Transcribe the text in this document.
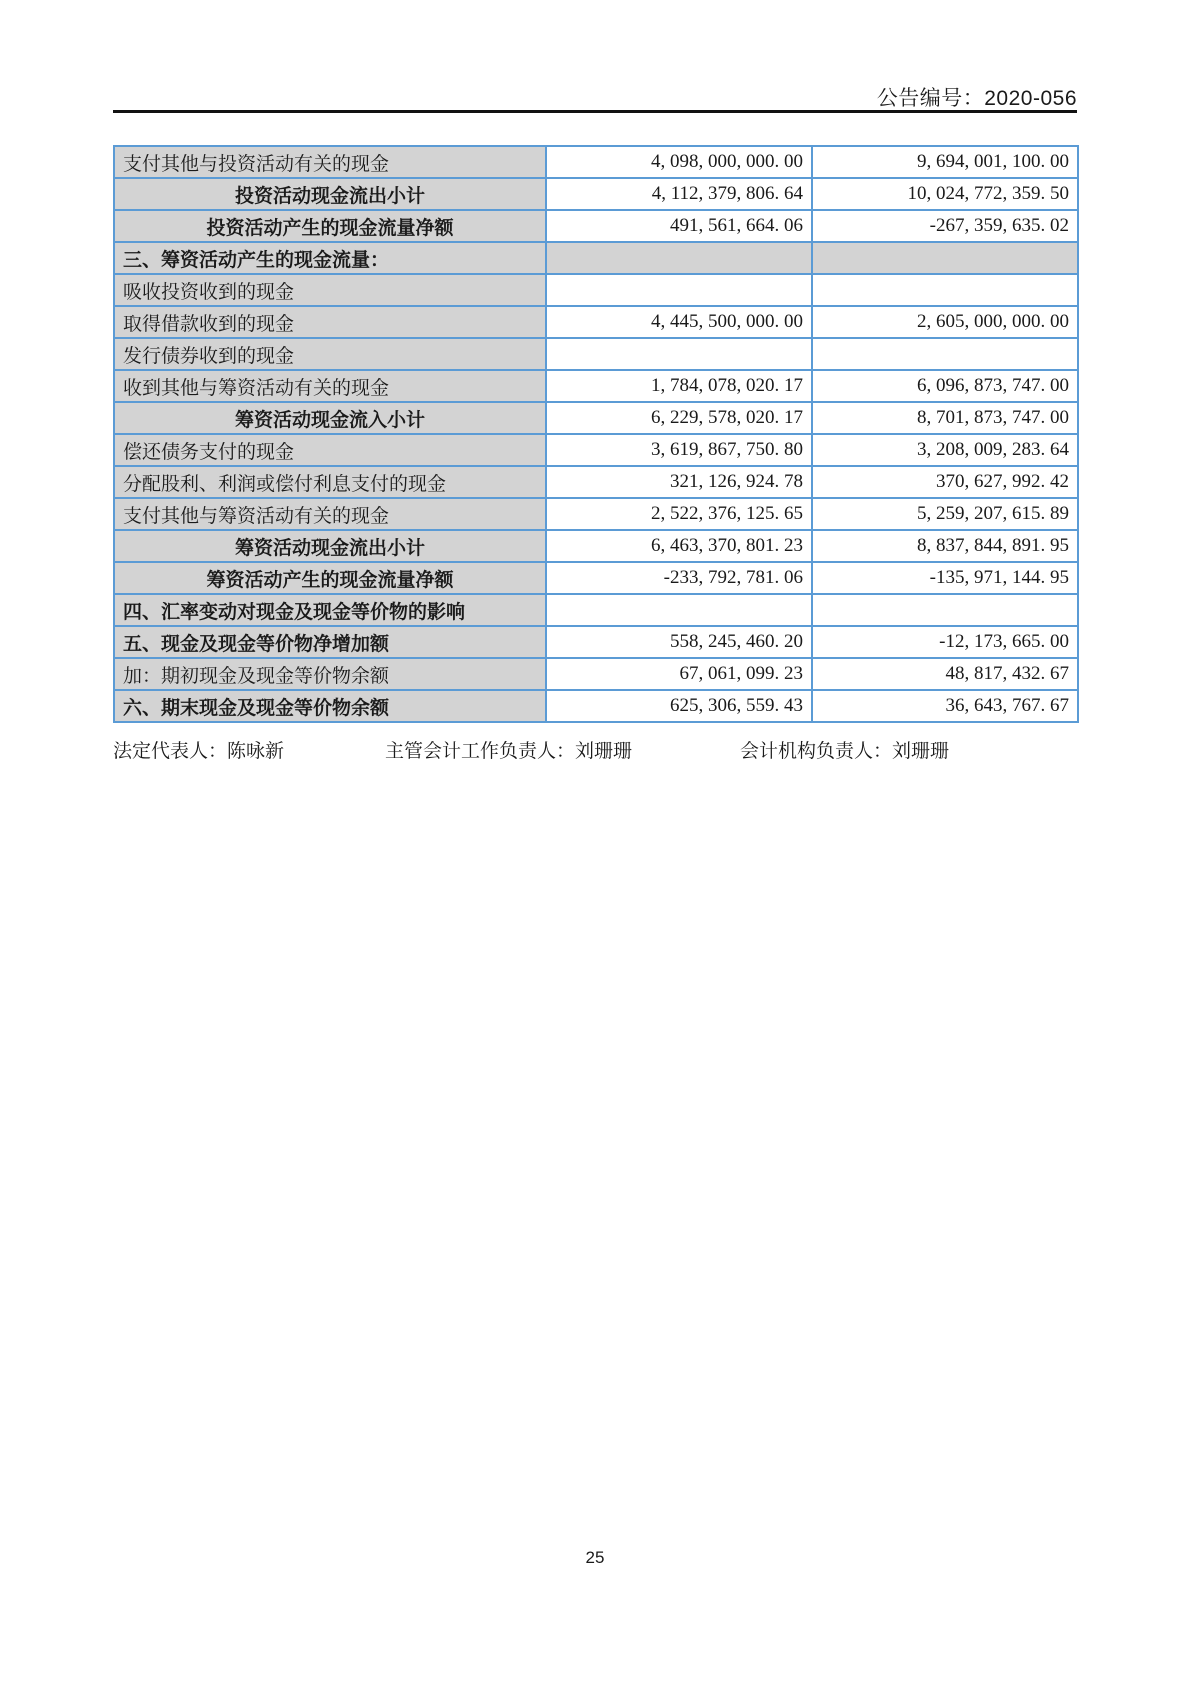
公告编号：2020-056
支付其他与投资活动有关的现金	4, 098, 000, 000. 00	9, 694, 001, 100. 00
投资活动现金流出小计	4, 112, 379, 806. 64	10, 024, 772, 359. 50
投资活动产生的现金流量净额	491, 561, 664. 06	-267, 359, 635. 02
三、筹资活动产生的现金流量：		
吸收投资收到的现金		
取得借款收到的现金	4, 445, 500, 000. 00	2, 605, 000, 000. 00
发行债券收到的现金		
收到其他与筹资活动有关的现金	1, 784, 078, 020. 17	6, 096, 873, 747. 00
筹资活动现金流入小计	6, 229, 578, 020. 17	8, 701, 873, 747. 00
偿还债务支付的现金	3, 619, 867, 750. 80	3, 208, 009, 283. 64
分配股利、利润或偿付利息支付的现金	321, 126, 924. 78	370, 627, 992. 42
支付其他与筹资活动有关的现金	2, 522, 376, 125. 65	5, 259, 207, 615. 89
筹资活动现金流出小计	6, 463, 370, 801. 23	8, 837, 844, 891. 95
筹资活动产生的现金流量净额	-233, 792, 781. 06	-135, 971, 144. 95
四、汇率变动对现金及现金等价物的影响		
五、现金及现金等价物净增加额	558, 245, 460. 20	-12, 173, 665. 00
加：期初现金及现金等价物余额	67, 061, 099. 23	48, 817, 432. 67
六、期末现金及现金等价物余额	625, 306, 559. 43	36, 643, 767. 67
法定代表人：陈咏新	主管会计工作负责人：刘珊珊	会计机构负责人：刘珊珊
25
